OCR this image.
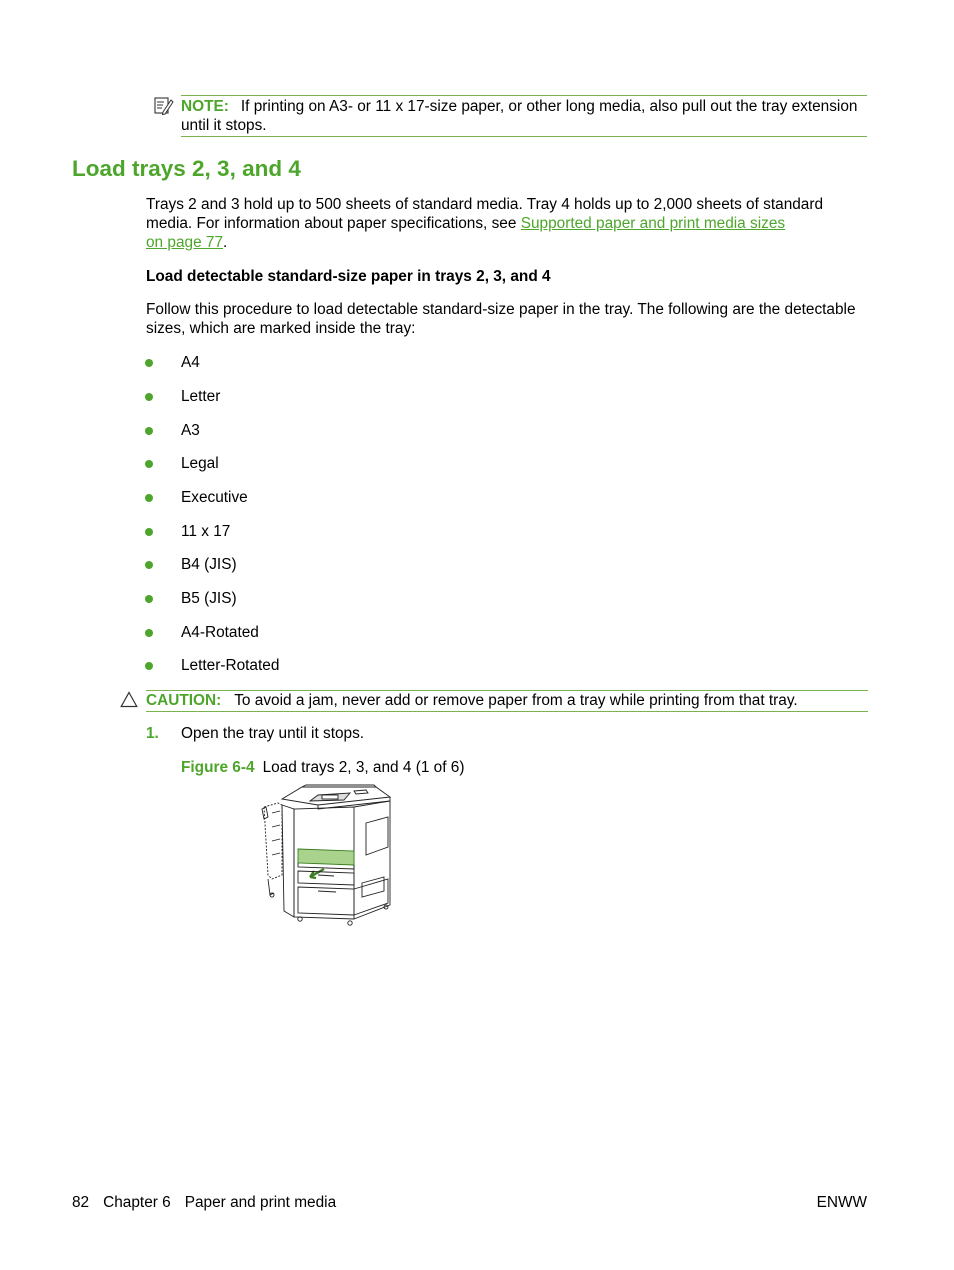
NOTE: If printing on A3- or 11 x 17-size paper, or other long media, also pull out the tray extension until it stops.
Load trays 2, 3, and 4
Trays 2 and 3 hold up to 500 sheets of standard media. Tray 4 holds up to 2,000 sheets of standard media. For information about paper specifications, see Supported paper and print media sizes
on page 77.
Load detectable standard-size paper in trays 2, 3, and 4
Follow this procedure to load detectable standard-size paper in the tray. The following are the detectable sizes, which are marked inside the tray:
A4
Letter
A3
Legal
Executive
11 x 17
B4 (JIS)
B5 (JIS)
A4-Rotated
Letter-Rotated
CAUTION: To avoid a jam, never add or remove paper from a tray while printing from that tray.
1. Open the tray until it stops.
Figure 6-4 Load trays 2, 3, and 4 (1 of 6)
82 Chapter 6 Paper and print media	ENWW
